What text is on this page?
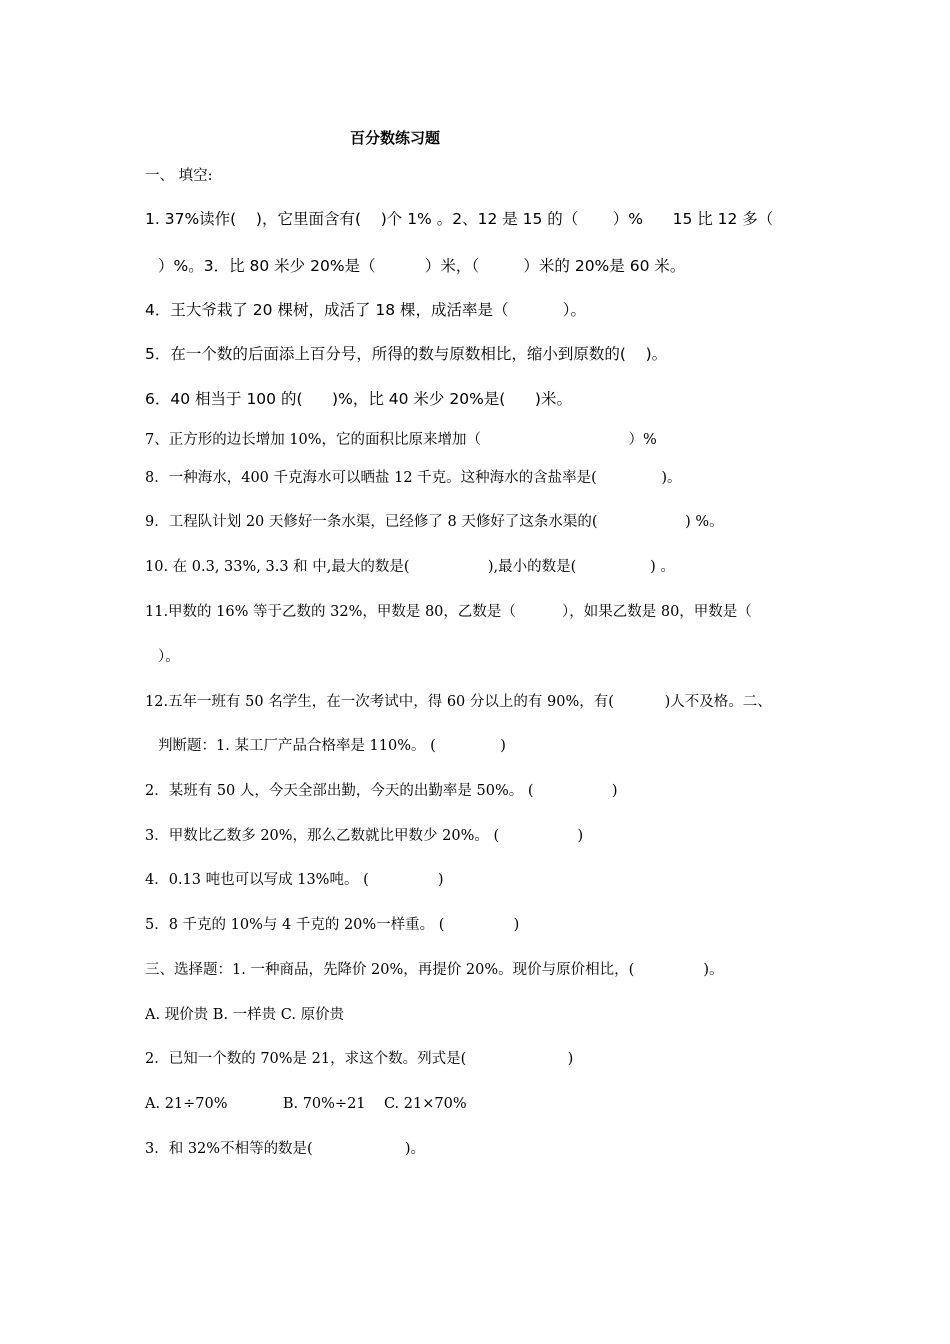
百分数练习题
一、 填空:
1. 37%读作(    )，它里面含有(    )个 1% 。2、12 是 15 的（       ）%      15 比 12 多（
）%。3．比 80 米少 20%是（          ）米，（         ）米的 20%是 60 米。
4．王大爷栽了 20 棵树，成活了 18 棵，成活率是（           ）。
5．在一个数的后面添上百分号，所得的数与原数相比，缩小到原数的(    )。
6．40 相当于 100 的(      )%，比 40 米少 20%是(      )米。
7、正方形的边长增加 10%，它的面积比原来增加（                                ）%
8．一种海水，400 千克海水可以晒盐 12 千克。这种海水的含盐率是(              )。
9．工程队计划 20 天修好一条水渠，已经修了 8 天修好了这条水渠的(                   ) %。
10. 在 0.3, 33%, 3.3 和 中,最大的数是(                 ),最小的数是(                ) 。
11.甲数的 16% 等于乙数的 32%，甲数是 80，乙数是（          ），如果乙数是 80，甲数是（
）。
12.五年一班有 50 名学生，在一次考试中，得 60 分以上的有 90%，有(           )人不及格。二、
判断题：1. 某工厂产品合格率是 110%。 (              )
2．某班有 50 人，今天全部出勤，今天的出勤率是 50%。 (                 )
3．甲数比乙数多 20%，那么乙数就比甲数少 20%。 (                 )
4．0.13 吨也可以写成 13%吨。 (               )
5．8 千克的 10%与 4 千克的 20%一样重。 (               )
三、选择题：1. 一种商品，先降价 20%，再提价 20%。现价与原价相比，(               )。
A. 现价贵 B. 一样贵 C. 原价贵
2．已知一个数的 70%是 21，求这个数。列式是(                      )
A. 21÷70%            B. 70%÷21    C. 21×70%
3．和 32%不相等的数是(                    )。
